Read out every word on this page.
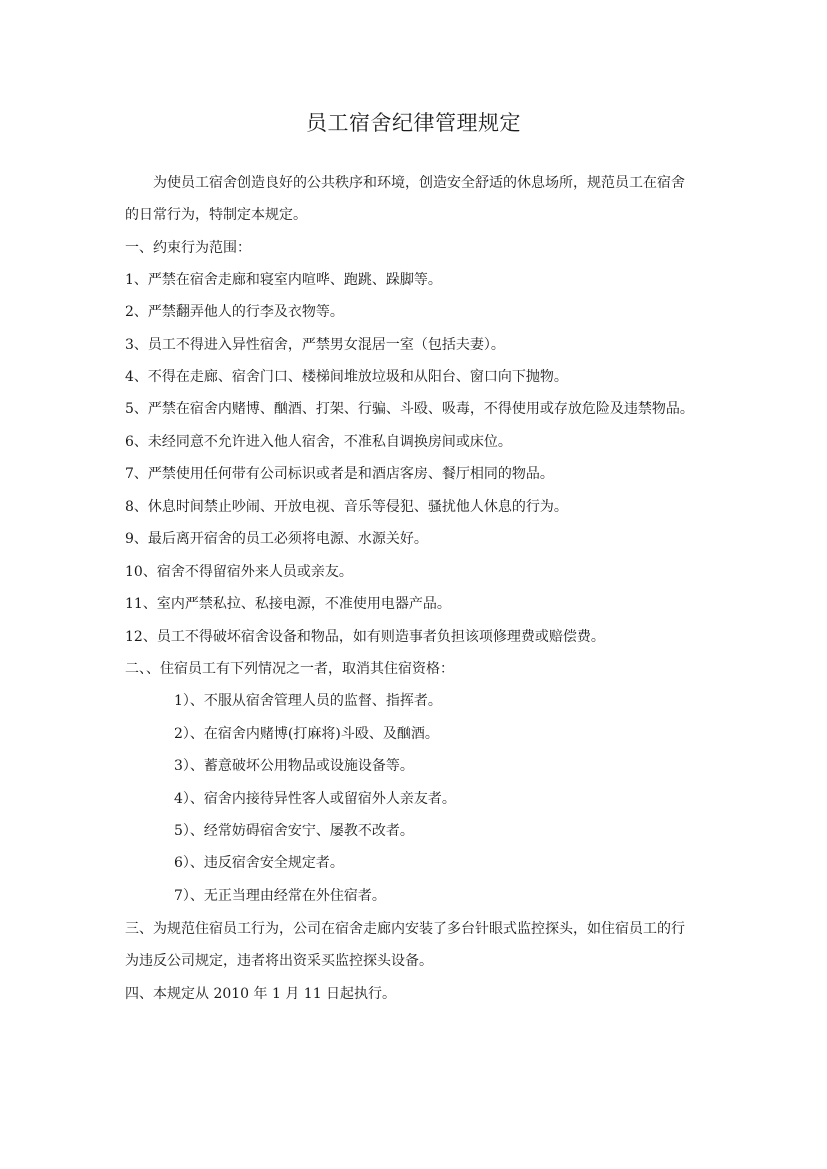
员工宿舍纪律管理规定
为使员工宿舍创造良好的公共秩序和环境，创造安全舒适的休息场所，规范员工在宿舍
的日常行为，特制定本规定。
一、约束行为范围：
1、严禁在宿舍走廊和寝室内喧哗、跑跳、跺脚等。
2、严禁翻弄他人的行李及衣物等。
3、员工不得进入异性宿舍，严禁男女混居一室（包括夫妻）。
4、不得在走廊、宿舍门口、楼梯间堆放垃圾和从阳台、窗口向下抛物。
5、严禁在宿舍内赌博、酗酒、打架、行骗、斗殴、吸毒，不得使用或存放危险及违禁物品。
6、未经同意不允许进入他人宿舍，不准私自调换房间或床位。
7、严禁使用任何带有公司标识或者是和酒店客房、餐厅相同的物品。
8、休息时间禁止吵闹、开放电视、音乐等侵犯、骚扰他人休息的行为。
9、最后离开宿舍的员工必须将电源、水源关好。
10、宿舍不得留宿外来人员或亲友。
11、室内严禁私拉、私接电源，不准使用电器产品。
12、员工不得破坏宿舍设备和物品，如有则造事者负担该项修理费或赔偿费。
二、、住宿员工有下列情况之一者，取消其住宿资格：
1）、不服从宿舍管理人员的监督、指挥者。
2）、在宿舍内赌博(打麻将)斗殴、及酗酒。
3）、蓄意破坏公用物品或设施设备等。
4）、宿舍内接待异性客人或留宿外人亲友者。
5）、经常妨碍宿舍安宁、屡教不改者。
6）、违反宿舍安全规定者。
7）、无正当理由经常在外住宿者。
三、为规范住宿员工行为，公司在宿舍走廊内安装了多台针眼式监控探头，如住宿员工的行
为违反公司规定，违者将出资采买监控探头设备。
四、本规定从 2010 年 1 月 11 日起执行。
